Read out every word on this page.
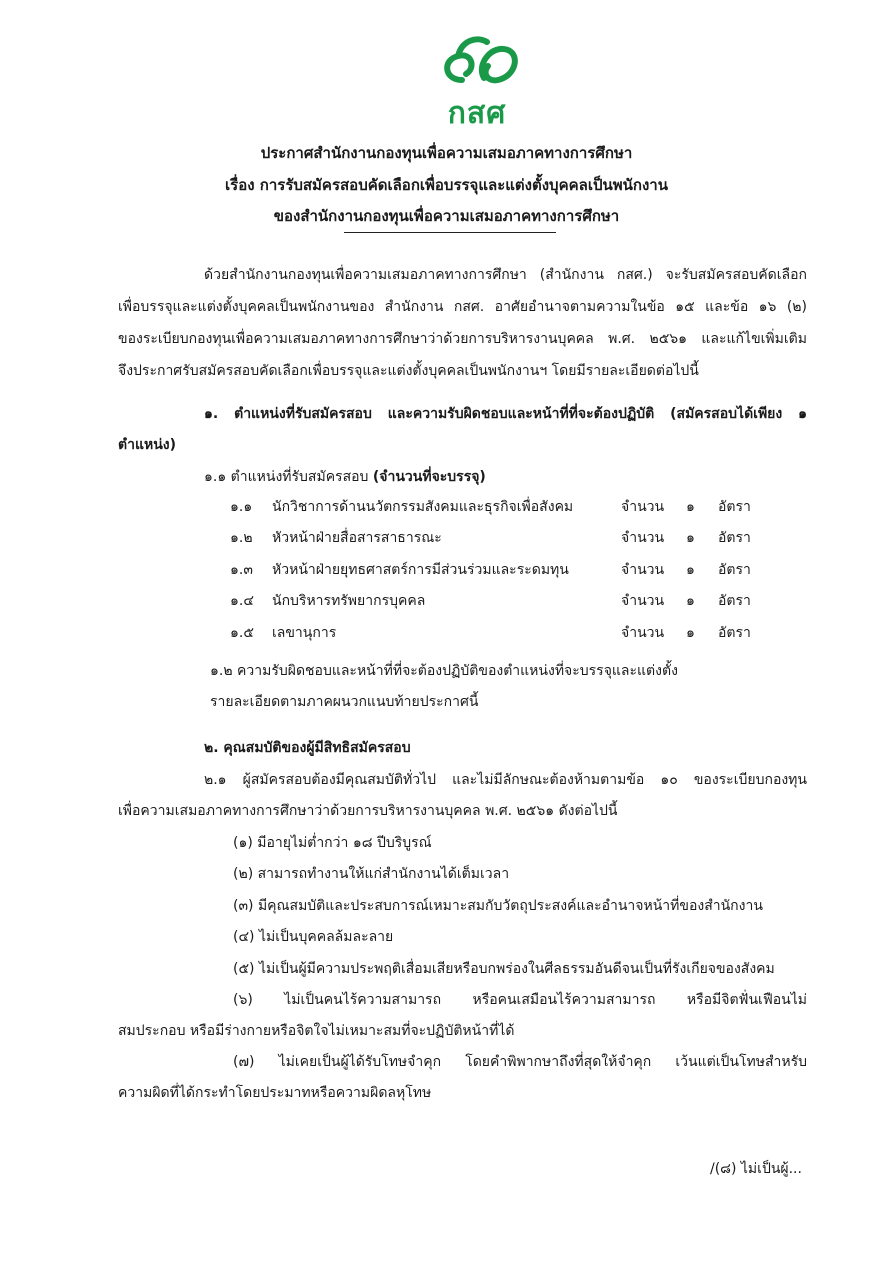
กสศ
ประกาศสำนักงานกองทุนเพื่อความเสมอภาคทางการศึกษา
เรื่อง การรับสมัครสอบคัดเลือกเพื่อบรรจุและแต่งตั้งบุคคลเป็นพนักงาน
ของสำนักงานกองทุนเพื่อความเสมอภาคทางการศึกษา
ด้วยสำนักงานกองทุนเพื่อความเสมอภาคทางการศึกษา (สำนักงาน กสศ.) จะรับสมัครสอบคัดเลือก
เพื่อบรรจุและแต่งตั้งบุคคลเป็นพนักงานของ สำนักงาน กสศ. อาศัยอำนาจตามความในข้อ ๑๕ และข้อ ๑๖ (๒)
ของระเบียบกองทุนเพื่อความเสมอภาคทางการศึกษาว่าด้วยการบริหารงานบุคคล พ.ศ. ๒๕๖๑ และแก้ไขเพิ่มเติม
จึงประกาศรับสมัครสอบคัดเลือกเพื่อบรรจุและแต่งตั้งบุคคลเป็นพนักงานฯ โดยมีรายละเอียดต่อไปนี้
๑. ตำแหน่งที่รับสมัครสอบ และความรับผิดชอบและหน้าที่ที่จะต้องปฏิบัติ (สมัครสอบได้เพียง ๑
ตำแหน่ง)
๑.๑ ตำแหน่งที่รับสมัครสอบ (จำนวนที่จะบรรจุ)
๑.๑ นักวิชาการด้านนวัตกรรมสังคมและธุรกิจเพื่อสังคม	จำนวน ๑ อัตรา
๑.๒ หัวหน้าฝ่ายสื่อสารสาธารณะ	จำนวน ๑ อัตรา
๑.๓ หัวหน้าฝ่ายยุทธศาสตร์การมีส่วนร่วมและระดมทุน	จำนวน ๑ อัตรา
๑.๔ นักบริหารทรัพยากรบุคคล	จำนวน ๑ อัตรา
๑.๕ เลขานุการ	จำนวน ๑ อัตรา
๑.๒ ความรับผิดชอบและหน้าที่ที่จะต้องปฏิบัติของตำแหน่งที่จะบรรจุและแต่งตั้ง
รายละเอียดตามภาคผนวกแนบท้ายประกาศนี้
๒. คุณสมบัติของผู้มีสิทธิสมัครสอบ
๒.๑ ผู้สมัครสอบต้องมีคุณสมบัติทั่วไป และไม่มีลักษณะต้องห้ามตามข้อ ๑๐ ของระเบียบกองทุน
เพื่อความเสมอภาคทางการศึกษาว่าด้วยการบริหารงานบุคคล พ.ศ. ๒๕๖๑ ดังต่อไปนี้
(๑) มีอายุไม่ต่ำกว่า ๑๘ ปีบริบูรณ์
(๒) สามารถทำงานให้แก่สำนักงานได้เต็มเวลา
(๓) มีคุณสมบัติและประสบการณ์เหมาะสมกับวัตถุประสงค์และอำนาจหน้าที่ของสำนักงาน
(๔) ไม่เป็นบุคคลล้มละลาย
(๕) ไม่เป็นผู้มีความประพฤติเสื่อมเสียหรือบกพร่องในศีลธรรมอันดีจนเป็นที่รังเกียจของสังคม
(๖) ไม่เป็นคนไร้ความสามารถ หรือคนเสมือนไร้ความสามารถ หรือมีจิตฟั่นเฟือนไม่
สมประกอบ หรือมีร่างกายหรือจิตใจไม่เหมาะสมที่จะปฏิบัติหน้าที่ได้
(๗) ไม่เคยเป็นผู้ได้รับโทษจำคุก โดยคำพิพากษาถึงที่สุดให้จำคุก เว้นแต่เป็นโทษสำหรับ
ความผิดที่ได้กระทำโดยประมาทหรือความผิดลหุโทษ
/(๘) ไม่เป็นผู้...
